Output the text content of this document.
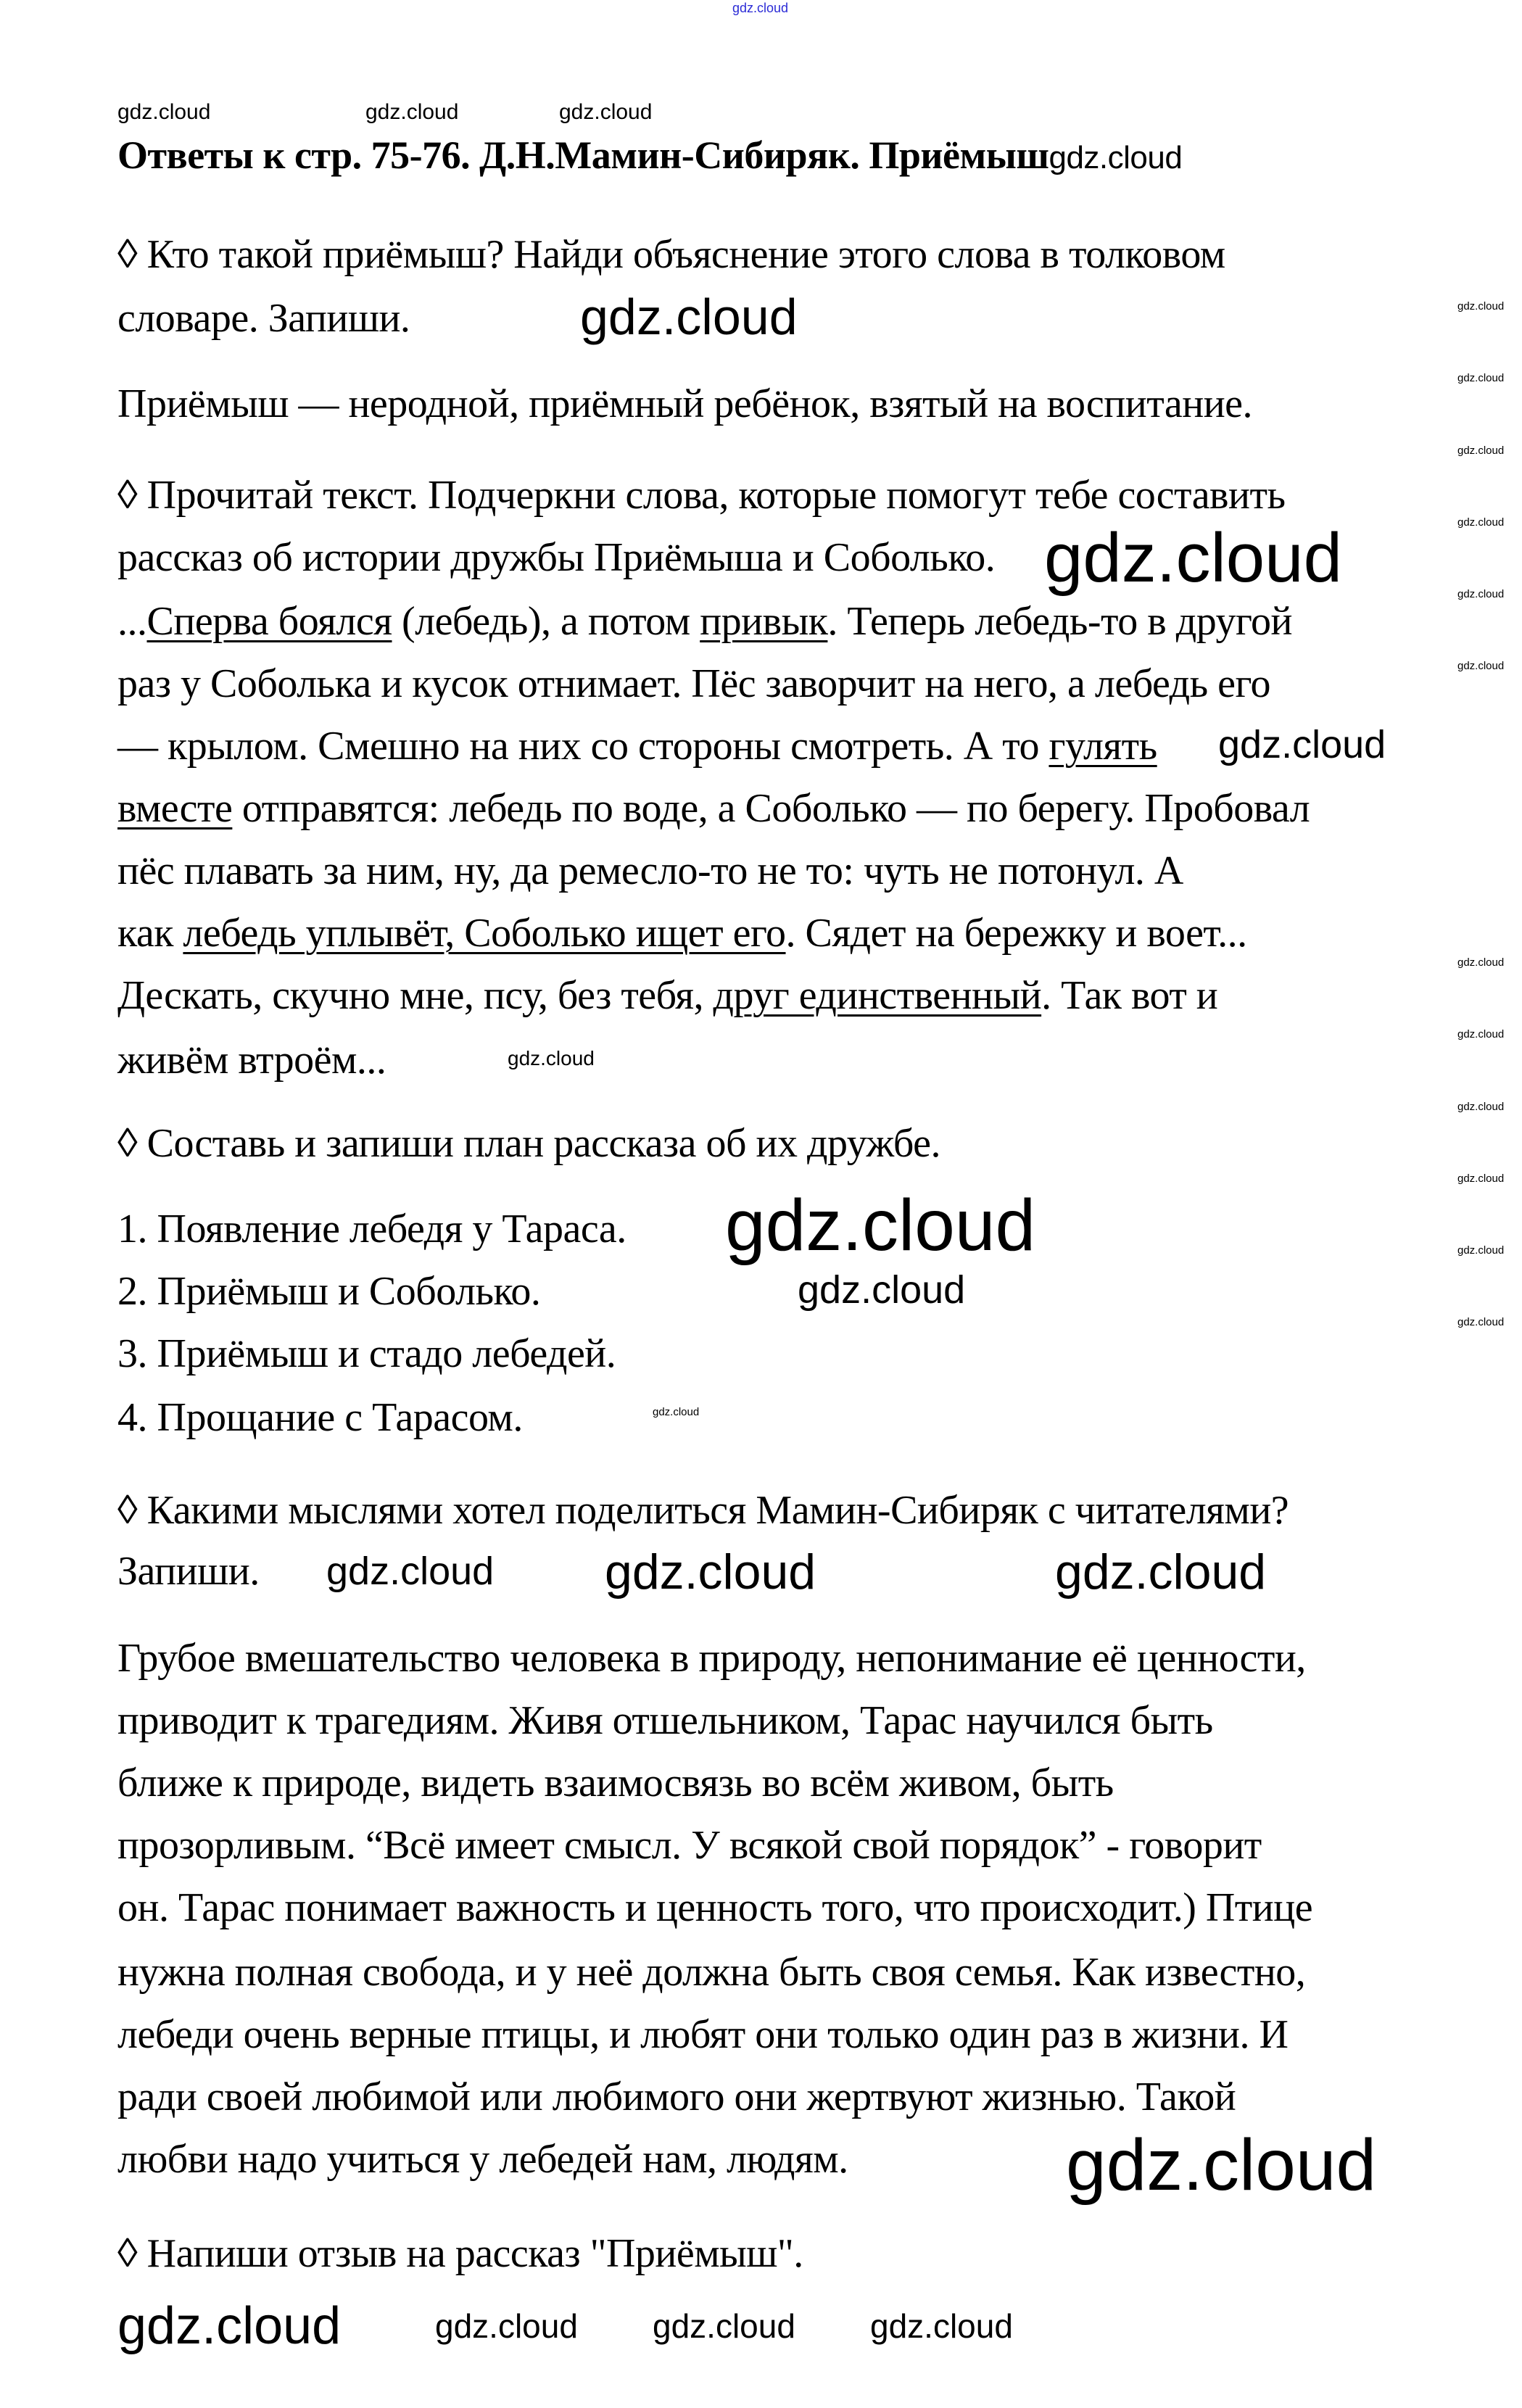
Ответы к стр. 75-76. Д.Н.Мамин-Сибиряк. Приёмышgdz.cloud
◊ Кто такой приёмыш? Найди объяснение этого слова в толковом
словаре. Запиши.
Приёмыш — неродной, приёмный ребёнок, взятый на воспитание.
◊ Прочитай текст. Подчеркни слова, которые помогут тебе составить
рассказ об истории дружбы Приёмыша и Соболько.
...Сперва боялся (лебедь), а потом привык. Теперь лебедь-то в другой
раз у Соболька и кусок отнимает. Пёс заворчит на него, а лебедь его
— крылом. Смешно на них со стороны смотреть. А то гулять
вместе отправятся: лебедь по воде, а Соболько — по берегу. Пробовал
пёс плавать за ним, ну, да ремесло-то не то: чуть не потонул. А
как лебедь уплывёт, Соболько ищет его. Сядет на бережку и воет...
Дескать, скучно мне, псу, без тебя, друг единственный. Так вот и
живём втроём...
◊ Составь и запиши план рассказа об их дружбе.
1. Появление лебедя у Тараса.
2. Приёмыш и Соболько.
3. Приёмыш и стадо лебедей.
4. Прощание с Тарасом.
◊ Какими мыслями хотел поделиться Мамин-Сибиряк с читателями?
Запиши.
Грубое вмешательство человека в природу, непонимание её ценности,
приводит к трагедиям. Живя отшельником, Тарас научился быть
ближе к природе, видеть взаимосвязь во всём живом, быть
прозорливым. “Всё имеет смысл. У всякой свой порядок” - говорит
он. Тарас понимает важность и ценность того, что происходит.) Птице
нужна полная свобода, и у неё должна быть своя семья. Как известно,
лебеди очень верные птицы, и любят они только один раз в жизни. И
ради своей любимой или любимого они жертвуют жизнью. Такой
любви надо учиться у лебедей нам, людям.
◊ Напиши отзыв на рассказ "Приёмыш".
gdz.cloud
gdz.cloud	gdz.cloud	gdz.cloud
gdz.cloud
gdz.cloud
gdz.cloud
gdz.cloud
gdz.cloud
gdz.cloud
gdz.cloud
gdz.cloud
gdz.cloud
gdz.cloud
gdz.cloud
gdz.cloud
gdz.cloud
gdz.cloud
gdz.cloud
gdz.cloud
gdz.cloud
gdz.cloud
gdz.cloud
gdz.cloud gdz.cloud	gdz.cloud
gdz.cloud gdz.cloud gdz.cloud
gdz.cloud
gdz.cloud
